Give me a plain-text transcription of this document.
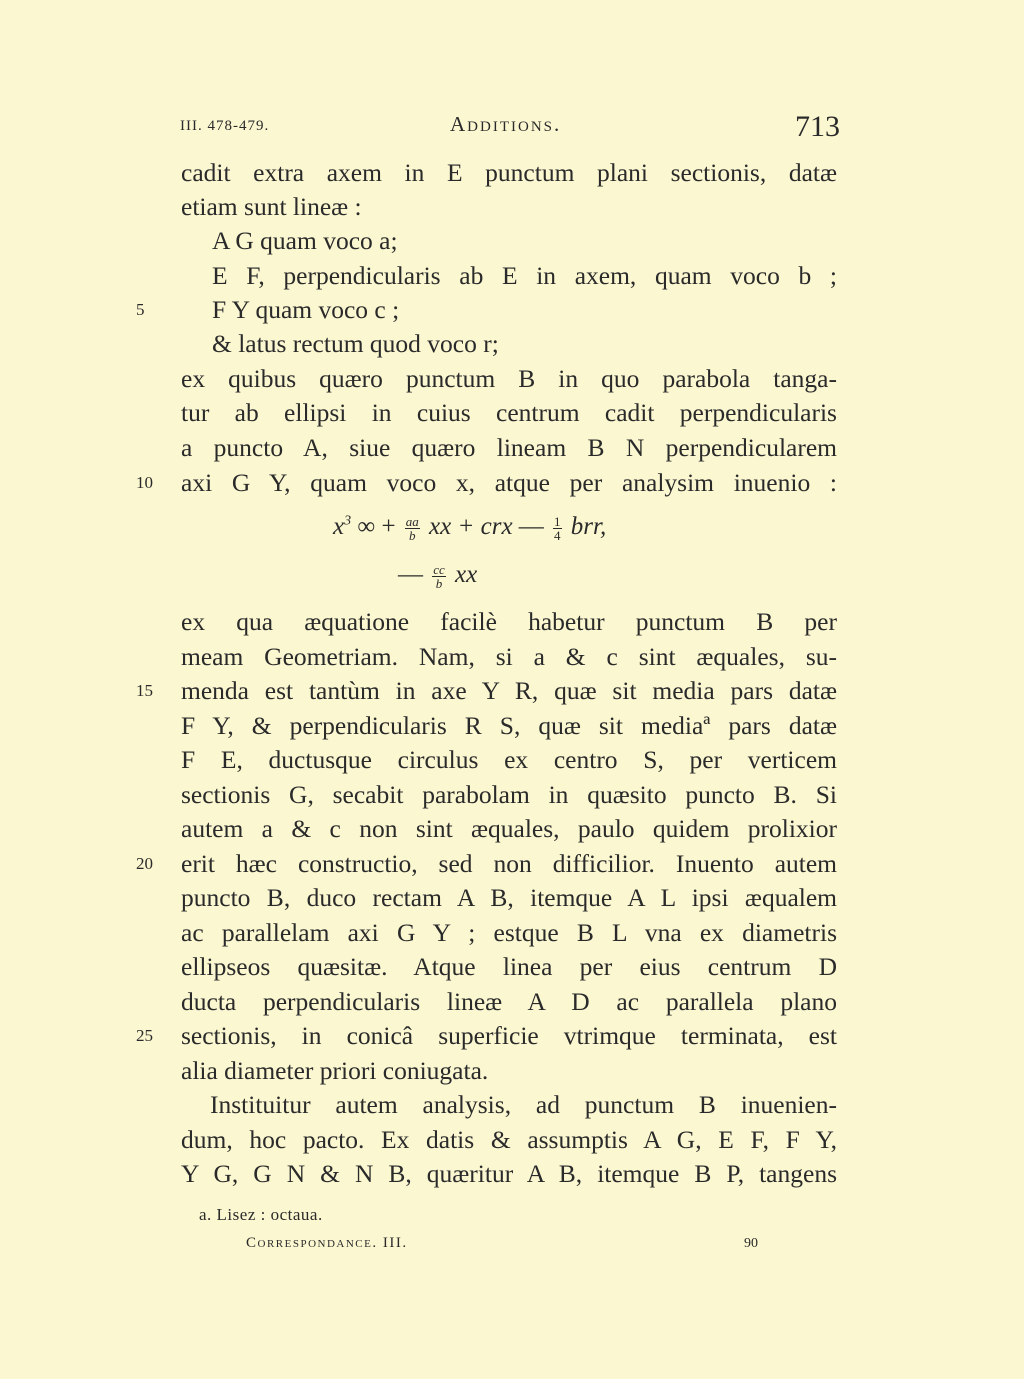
III. 478-479.	Additions.	713
cadit extra axem in E punctum plani sectionis, datæ
etiam sunt lineæ :
A G quam voco a;
E F, perpendicularis ab E in axem, quam voco b ;
5	F Y quam voco c ;
& latus rectum quod voco r;
ex quibus quæro punctum B in quo parabola tanga-
tur ab ellipsi in cuius centrum cadit perpendicularis
a puncto A, siue quæro lineam B N perpendicularem
10	axi G Y, quam voco x, atque per analysim inuenio :
$x^3$ ∞ + $\frac{aa}{b}$ xx + crx — $\frac{1}{4}$ brr,
— $\frac{cc}{b}$ xx
ex qua æquatione facilè habetur punctum B per
meam Geometriam. Nam, si a & c sint æquales, su-
15	menda est tantùm in axe Y R, quæ sit media pars datæ
F Y, & perpendicularis R S, quæ sit mediaª pars datæ
F E, ductusque circulus ex centro S, per verticem
sectionis G, secabit parabolam in quæsito puncto B. Si
autem a & c non sint æquales, paulo quidem prolixior
20	erit hæc constructio, sed non difficilior. Inuento autem
puncto B, duco rectam A B, itemque A L ipsi æqualem
ac parallelam axi G Y ; estque B L vna ex diametris
ellipseos quæsitæ. Atque linea per eius centrum D
ducta perpendicularis lineæ A D ac parallela plano
25	sectionis, in conicâ superficie vtrimque terminata, est
alia diameter priori coniugata.
Instituitur autem analysis, ad punctum B inuenien-
dum, hoc pacto. Ex datis & assumptis A G, E F, F Y,
Y G, G N & N B, quæritur A B, itemque B P, tangens
a. Lisez : octaua.
Correspondance. III.	90
